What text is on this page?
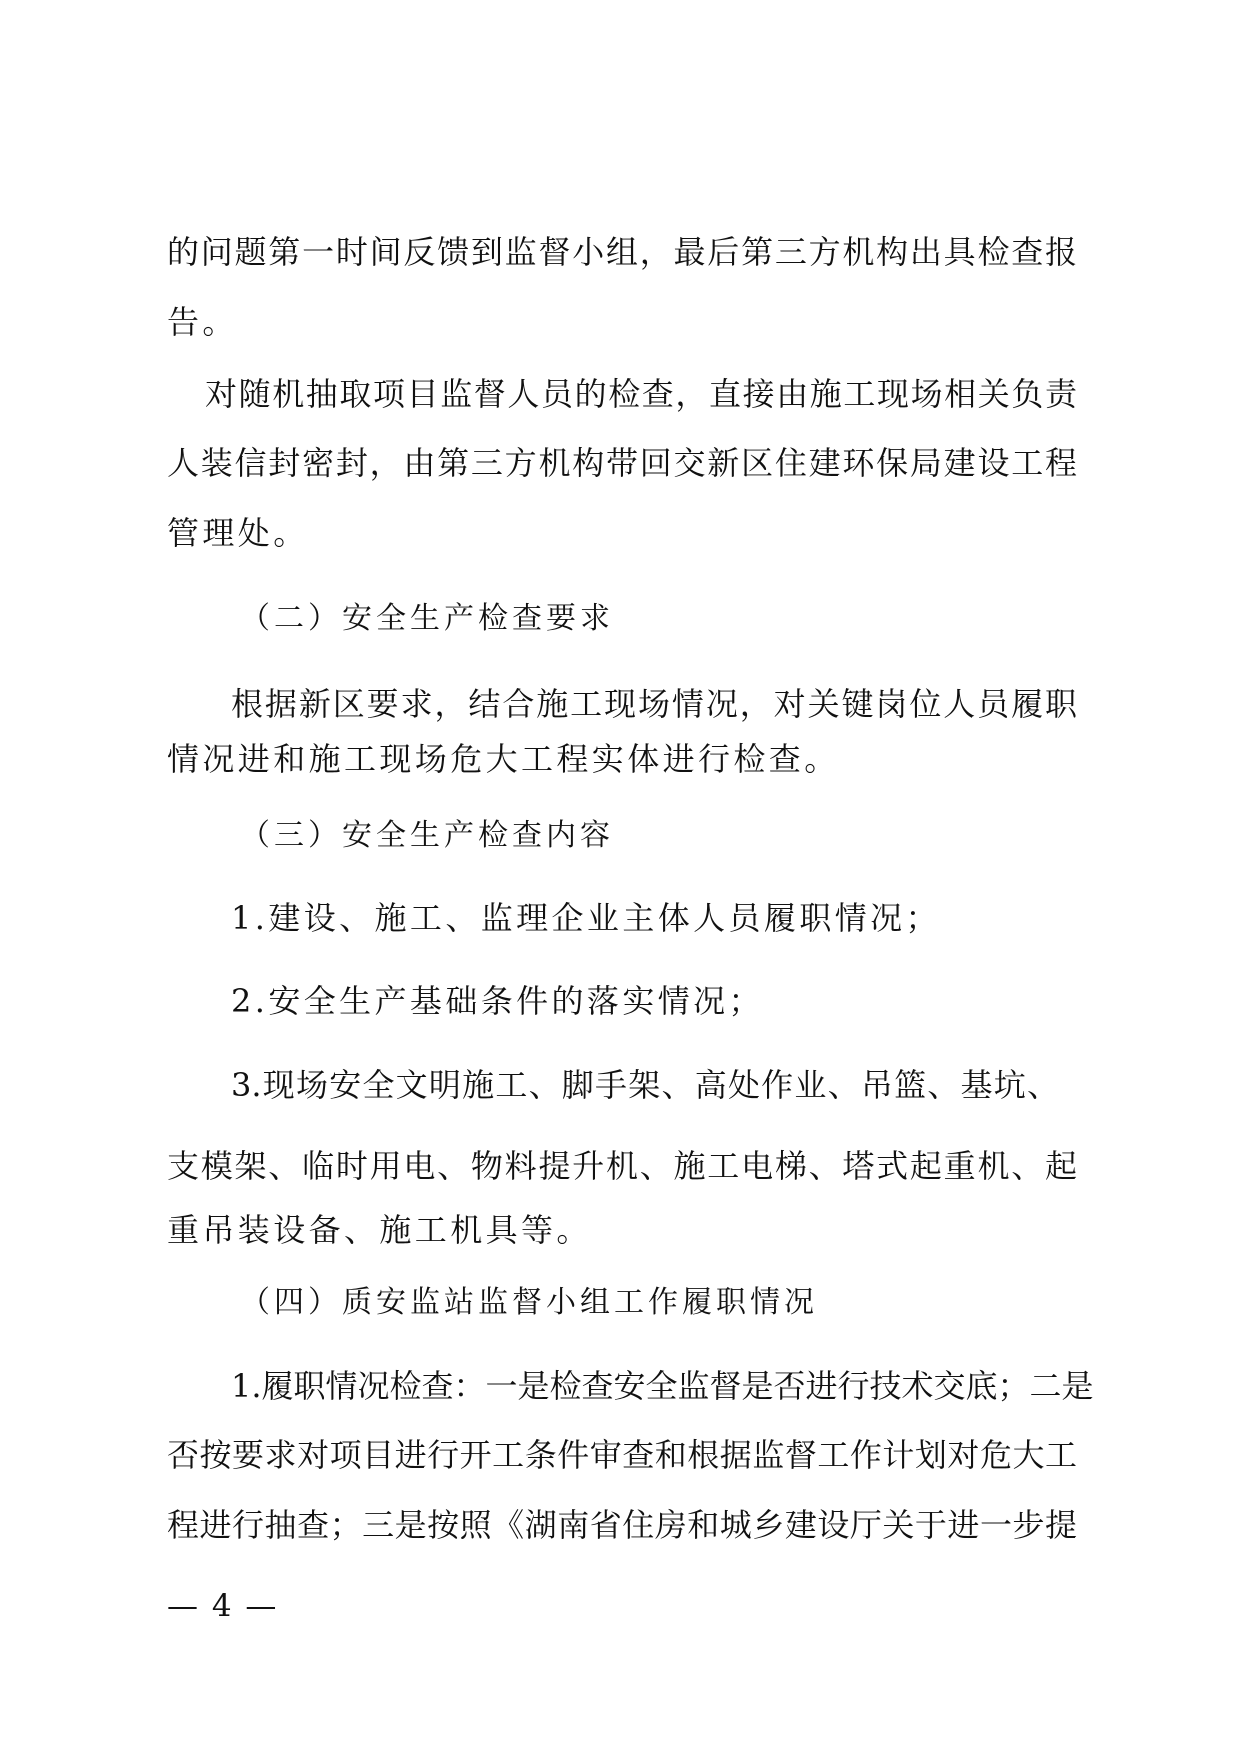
的问题第一时间反馈到监督小组，最后第三方机构出具检查报
告。
对随机抽取项目监督人员的检查，直接由施工现场相关负责
人装信封密封，由第三方机构带回交新区住建环保局建设工程
管理处。
（二）安全生产检查要求
根据新区要求，结合施工现场情况，对关键岗位人员履职
情况进和施工现场危大工程实体进行检查。
（三）安全生产检查内容
1.建设、施工、监理企业主体人员履职情况；
2.安全生产基础条件的落实情况；
3.现场安全文明施工、脚手架、高处作业、吊篮、基坑、
支模架、临时用电、物料提升机、施工电梯、塔式起重机、起
重吊装设备、施工机具等。
（四）质安监站监督小组工作履职情况
1.履职情况检查：一是检查安全监督是否进行技术交底；二是
否按要求对项目进行开工条件审查和根据监督工作计划对危大工
程进行抽查；三是按照《湖南省住房和城乡建设厅关于进一步提
— 4 —
